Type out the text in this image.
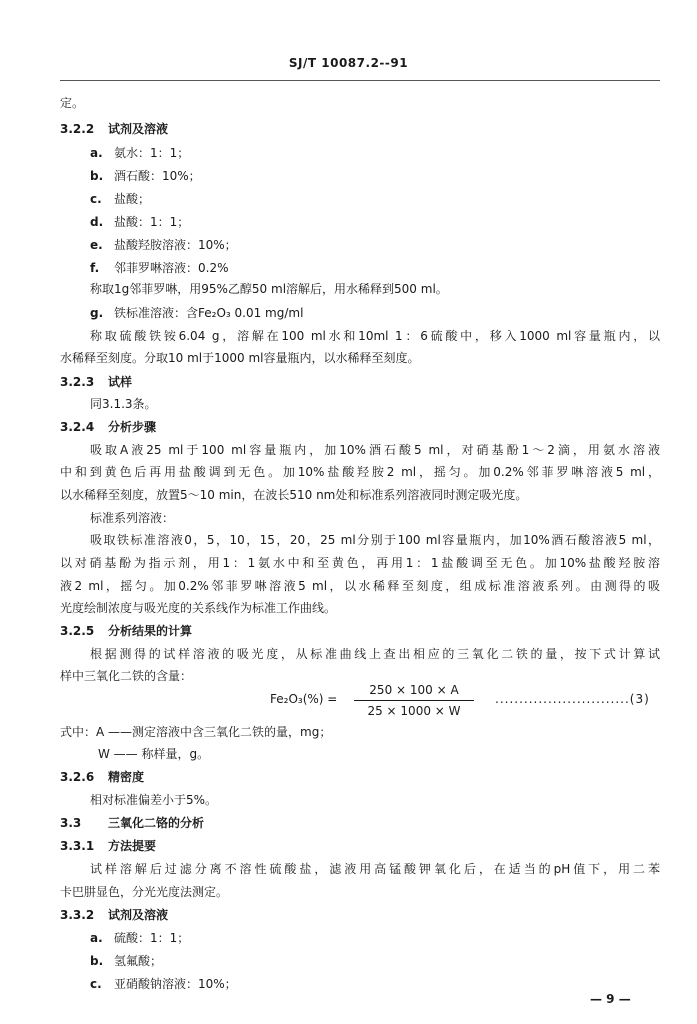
SJ/T 10087.2--91
定。
3.2.2 试剂及溶液
a. 氨水：1：1；
b. 酒石酸：10%；
c. 盐酸；
d. 盐酸：1：1；
e. 盐酸羟胺溶液：10%；
f. 邻菲罗啉溶液：0.2%
称取1g邻菲罗啉，用95%乙醇50 ml溶解后，用水稀释到500 ml。
g. 铁标准溶液：含Fe₂O₃ 0.01 mg/ml
称取硫酸铁铵6.04 g，溶解在100 ml水和10ml 1：6硫酸中，移入1000 ml容量瓶内，以
水稀释至刻度。分取10 ml于1000 ml容量瓶内，以水稀释至刻度。
3.2.3 试样
同3.1.3条。
3.2.4 分析步骤
吸取A液25 ml于100 ml容量瓶内，加10%酒石酸5 ml，对硝基酚1～2滴，用氨水溶液
中和到黄色后再用盐酸调到无色。加10%盐酸羟胺2 ml，摇匀。加0.2%邻菲罗啉溶液5 ml，
以水稀释至刻度，放置5～10 min，在波长510 nm处和标准系列溶液同时测定吸光度。
标准系列溶液：
吸取铁标准溶液0，5，10，15，20，25 ml分别于100 ml容量瓶内，加10%酒石酸溶液5 ml，
以对硝基酚为指示剂，用1：1氨水中和至黄色，再用1：1盐酸调至无色。加10%盐酸羟胺溶
液2 ml，摇匀。加0.2%邻菲罗啉溶液5 ml，以水稀释至刻度，组成标准溶液系列。由测得的吸
光度绘制浓度与吸光度的关系线作为标准工作曲线。
3.2.5 分析结果的计算
根据测得的试样溶液的吸光度，从标准曲线上查出相应的三氧化二铁的量，按下式计算试
样中三氧化二铁的含量：
$Fe_2O_3(\%) = \frac{250 \times 100 \times A}{25 \times 1000 \times W} ............................(3)$
式中：A ——测定溶液中含三氧化二铁的量，mg；
W —— 称样量，g。
3.2.6 精密度
相对标准偏差小于5%。
3.3 三氧化二铬的分析
3.3.1 方法提要
试样溶解后过滤分离不溶性硫酸盐，滤液用高锰酸钾氧化后，在适当的pH值下，用二苯
卡巴肼显色，分光光度法测定。
3.3.2 试剂及溶液
a. 硫酸：1：1；
b. 氢氟酸；
c. 亚硝酸钠溶液：10%；
— 9 —
